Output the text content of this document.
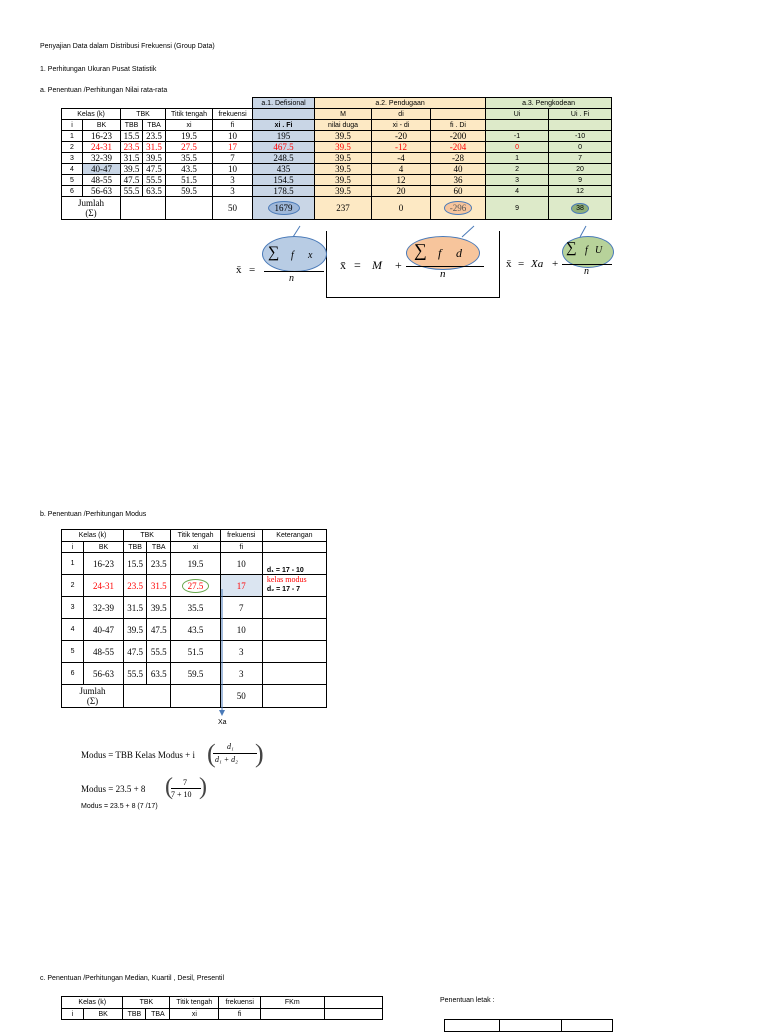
Penyajian Data dalam Distribusi Frekuensi (Group Data)
1. Perhitungan Ukuran Pusat Statistik
a. Penentuan /Perhitungan Nilai rata-rata
						a.1. Defisional	a.2. Pendugaan			a.3. Pengkodean	
Kelas (k)		TBK		Titik tengah	frekuensi		M	di		Ui	Ui . Fi
i	BK	TBB	TBA	xi	fi	xi . Fi	nilai duga	xi - di	fi . Di		
1	16-23	15.5	23.5	19.5	10	195	39.5	-20	-200	-1	-10
2	24-31	23.5	31.5	27.5	17	467.5	39.5	-12	-204	0	0
3	32-39	31.5	39.5	35.5	7	248.5	39.5	-4	-28	1	7
4	40-47	39.5	47.5	43.5	10	435	39.5	4	40	2	20
5	48-55	47.5	55.5	51.5	3	154.5	39.5	12	36	3	9
6	56-63	55.5	63.5	59.5	3	178.5	39.5	20	60	4	12
Jumlah
(Σ)					50	1679	237	0	-296	9	38
x̄ =
∑ f x
n
x̄ = M +
∑ f d
n
x̄ = Xa +
∑ f U
n
b. Penentuan /Perhitungan Modus
Kelas (k)		TBK		Titik tengah	frekuensi	Keterangan
i	BK	TBB	TBA	xi	fi	
1	16-23	15.5	23.5	19.5	10	d₁ = 17 - 10
2	24-31	23.5	31.5	27.5	17	kelas modus
d₂ = 17 - 7
3	32-39	31.5	39.5	35.5	7	
4	40-47	39.5	47.5	43.5	10	
5	48-55	47.5	55.5	51.5	3	
6	56-63	55.5	63.5	59.5	3	
Jumlah
(Σ)					50	
Xa
Modus = TBB Kelas Modus + i ( d₁
d₁ + d₂ )
Modus = 23.5 + 8 ( 7
7 + 10 )
Modus = 23.5 + 8 (7 /17)
c. Penentuan /Perhitungan Median, Kuartil , Desil, Presentil
Penentuan letak :
Kelas (k)		TBK		Titik tengah	frekuensi	FKm	
i	BK	TBB	TBA	xi	fi		
